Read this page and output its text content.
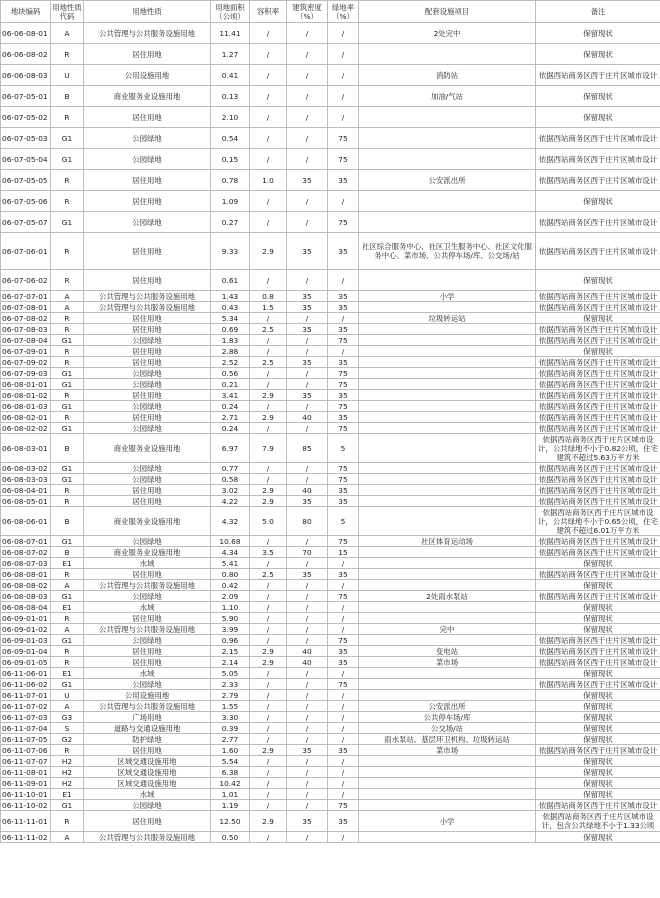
地块编码	用地性质代码	用地性质	用地面积（公顷）	容积率	建筑密度（%）	绿地率（%）	配套设施项目	备注
06-06-08-01	A	公共管理与公共服务设施用地	11.41	/	/	/	2处完中	保留现状
06-06-08-02	R	居住用地	1.27	/	/	/		保留现状
06-06-08-03	U	公用设施用地	0.41	/	/	/	消防站	依据西站商务区西于庄片区城市设计
06-07-05-01	B	商业服务业设施用地	0.13	/	/	/	加油/气站	保留现状
06-07-05-02	R	居住用地	2.10	/	/	/		保留现状
06-07-05-03	G1	公园绿地	0.54	/	/	75		依据西站商务区西于庄片区城市设计
06-07-05-04	G1	公园绿地	0.15	/	/	75		依据西站商务区西于庄片区城市设计
06-07-05-05	R	居住用地	0.78	1.0	35	35	公安派出所	依据西站商务区西于庄片区城市设计
06-07-05-06	R	居住用地	1.09	/	/	/		保留现状
06-07-05-07	G1	公园绿地	0.27	/	/	75		依据西站商务区西于庄片区城市设计
06-07-06-01	R	居住用地	9.33	2.9	35	35	社区综合服务中心、社区卫生服务中心、社区文化服务中心、菜市场、公共停车场/库、公交场/站	依据西站商务区西于庄片区城市设计
06-07-06-02	R	居住用地	0.61	/	/	/		保留现状
06-07-07-01	A	公共管理与公共服务设施用地	1.43	0.8	35	35	小学	依据西站商务区西于庄片区城市设计
06-07-08-01	A	公共管理与公共服务设施用地	0.43	1.5	35	35		依据西站商务区西于庄片区城市设计
06-07-08-02	R	居住用地	5.34	/	/	/	垃圾转运站	保留现状
06-07-08-03	R	居住用地	0.69	2.5	35	35		依据西站商务区西于庄片区城市设计
06-07-08-04	G1	公园绿地	1.83	/	/	75		依据西站商务区西于庄片区城市设计
06-07-09-01	R	居住用地	2.88	/	/	/		保留现状
06-07-09-02	R	居住用地	2.52	2.5	35	35		依据西站商务区西于庄片区城市设计
06-07-09-03	G1	公园绿地	0.56	/	/	75		依据西站商务区西于庄片区城市设计
06-08-01-01	G1	公园绿地	0.21	/	/	75		依据西站商务区西于庄片区城市设计
06-08-01-02	R	居住用地	3.41	2.9	35	35		依据西站商务区西于庄片区城市设计
06-08-01-03	G1	公园绿地	0.24	/	/	75		依据西站商务区西于庄片区城市设计
06-08-02-01	R	居住用地	2.71	2.9	40	35		依据西站商务区西于庄片区城市设计
06-08-02-02	G1	公园绿地	0.24	/	/	75		依据西站商务区西于庄片区城市设计
06-08-03-01	B	商业服务业设施用地	6.97	7.9	85	5		依据西站商务区西于庄片区城市设计，公共绿地不小于0.82公顷，住宅建筑不超过5.63万平方米
06-08-03-02	G1	公园绿地	0.77	/	/	75		依据西站商务区西于庄片区城市设计
06-08-03-03	G1	公园绿地	0.58	/	/	75		依据西站商务区西于庄片区城市设计
06-08-04-01	R	居住用地	3.02	2.9	40	35		依据西站商务区西于庄片区城市设计
06-08-05-01	R	居住用地	4.22	2.9	35	35		依据西站商务区西于庄片区城市设计
06-08-06-01	B	商业服务业设施用地	4.32	5.0	80	5		依据西站商务区西于庄片区城市设计，公共绿地不小于0.65公顷，住宅建筑不超过6.01万平方米
06-08-07-01	G1	公园绿地	10.68	/	/	75	社区体育运动场	依据西站商务区西于庄片区城市设计
06-08-07-02	B	商业服务业设施用地	4.34	3.5	70	15		依据西站商务区西于庄片区城市设计
06-08-07-03	E1	水域	5.41	/	/	/		保留现状
06-08-08-01	R	居住用地	0.80	2.5	35	35		依据西站商务区西于庄片区城市设计
06-08-08-02	A	公共管理与公共服务设施用地	0.42	/	/	/		保留现状
06-08-08-03	G1	公园绿地	2.09	/	/	75	2处雨水泵站	依据西站商务区西于庄片区城市设计
06-08-08-04	E1	水域	1.10	/	/	/		保留现状
06-09-01-01	R	居住用地	5.90	/	/	/		保留现状
06-09-01-02	A	公共管理与公共服务设施用地	3.99	/	/	/	完中	保留现状
06-09-01-03	G1	公园绿地	0.96	/	/	75		依据西站商务区西于庄片区城市设计
06-09-01-04	R	居住用地	2.15	2.9	40	35	变电站	依据西站商务区西于庄片区城市设计
06-09-01-05	R	居住用地	2.14	2.9	40	35	菜市场	依据西站商务区西于庄片区城市设计
06-11-06-01	E1	水域	5.05	/	/	/		保留现状
06-11-06-02	G1	公园绿地	2.33	/	/	75		依据西站商务区西于庄片区城市设计
06-11-07-01	U	公用设施用地	2.79	/	/	/		保留现状
06-11-07-02	A	公共管理与公共服务设施用地	1.55	/	/	/	公安派出所	保留现状
06-11-07-03	G3	广场用地	3.30	/	/	/	公共停车场/库	保留现状
06-11-07-04	S	道路与交通设施用地	0.39	/	/	/	公交场/站	保留现状
06-11-07-05	G2	防护绿地	2.77	/	/	/	雨水泵站、基层环卫机构、垃圾转运站	保留现状
06-11-07-06	R	居住用地	1.60	2.9	35	35	菜市场	依据西站商务区西于庄片区城市设计
06-11-07-07	H2	区域交通设施用地	5.54	/	/	/		保留现状
06-11-08-01	H2	区域交通设施用地	6.38	/	/	/		保留现状
06-11-09-01	H2	区域交通设施用地	10.42	/	/	/		保留现状
06-11-10-01	E1	水域	1.01	/	/	/		保留现状
06-11-10-02	G1	公园绿地	1.19	/	/	75		依据西站商务区西于庄片区城市设计
06-11-11-01	R	居住用地	12.50	2.9	35	35	小学	依据西站商务区西于庄片区城市设计，包含公共绿地不小于1.33公顷
06-11-11-02	A	公共管理与公共服务设施用地	0.50	/	/	/		保留现状
